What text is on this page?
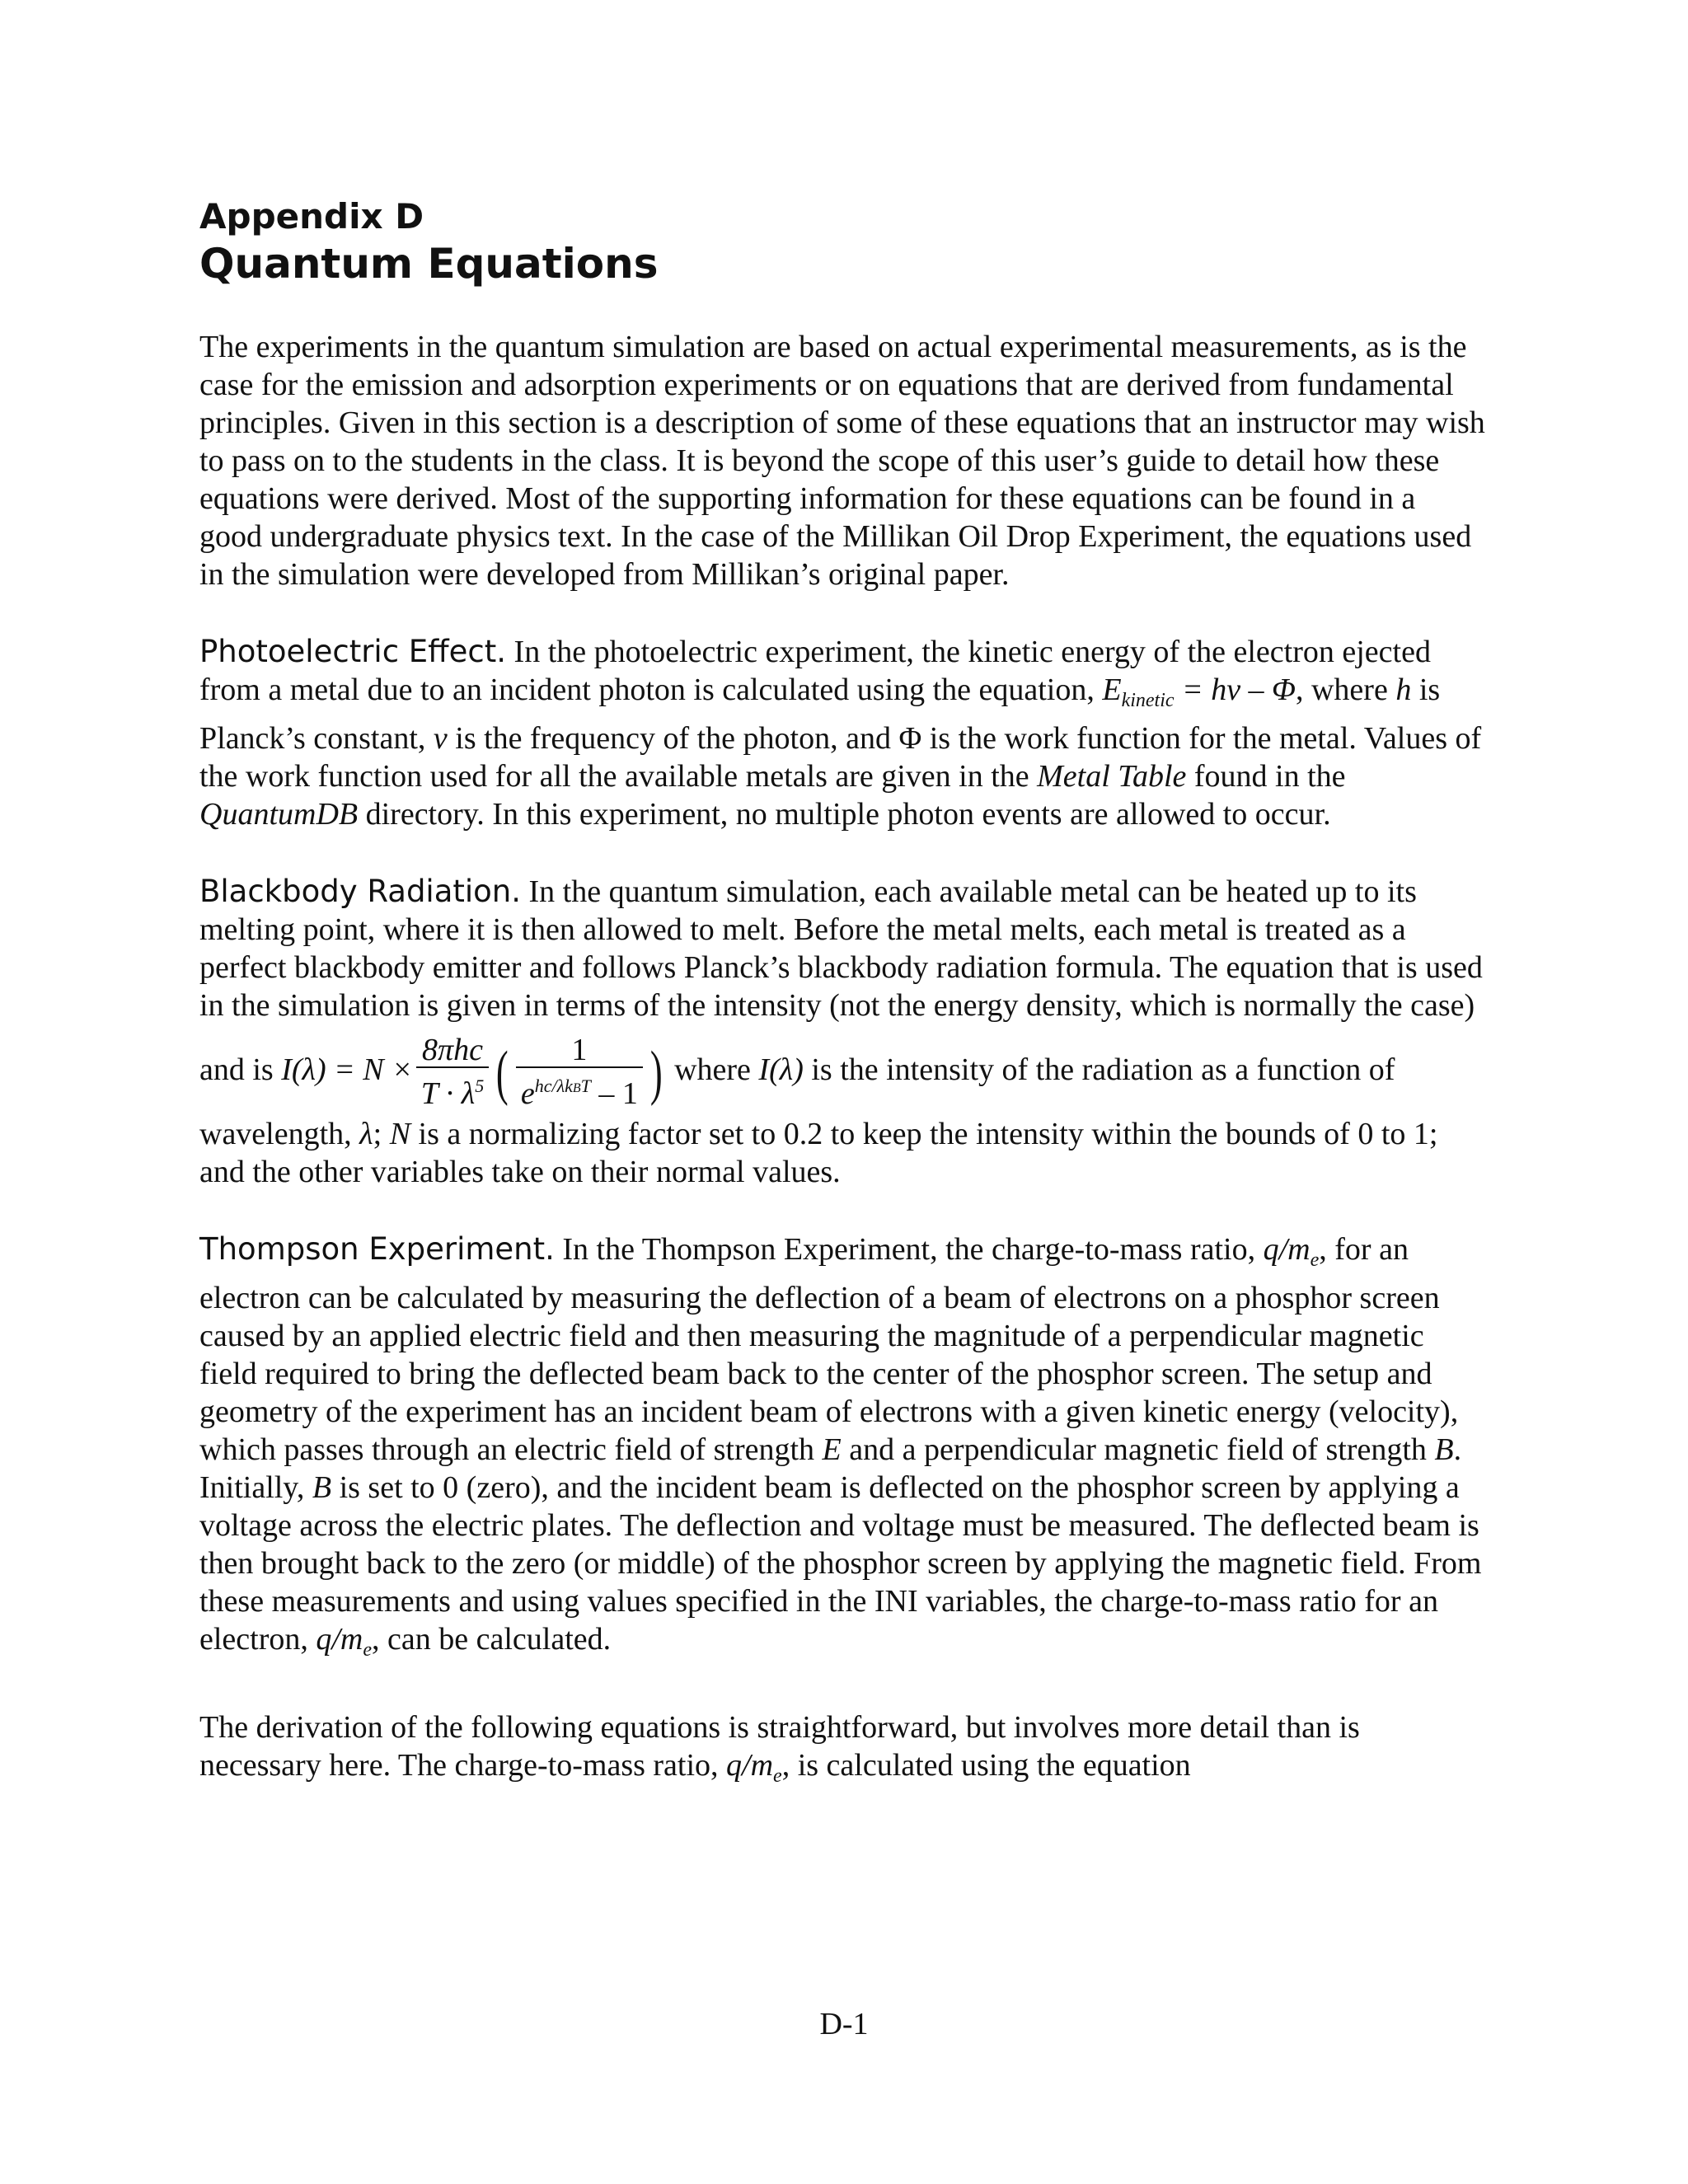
Appendix D
Quantum Equations

The experiments in the quantum simulation are based on actual experimental measurements, as is the case for the emission and adsorption experiments or on equations that are derived from fundamental principles. Given in this section is a description of some of these equations that an instructor may wish to pass on to the students in the class. It is beyond the scope of this user’s guide to detail how these equations were derived. Most of the supporting information for these equations can be found in a good undergraduate physics text. In the case of the Millikan Oil Drop Experiment, the equations used in the simulation were developed from Millikan’s original paper.

Photoelectric Effect. In the photoelectric experiment, the kinetic energy of the electron ejected from a metal due to an incident photon is calculated using the equation, $E_{kinetic} = h\nu - \Phi$, where h is Planck’s constant, ν is the frequency of the photon, and Φ is the work function for the metal. Values of the work function used for all the available metals are given in the Metal Table found in the QuantumDB directory. In this experiment, no multiple photon events are allowed to occur.

Blackbody Radiation. In the quantum simulation, each available metal can be heated up to its melting point, where it is then allowed to melt. Before the metal melts, each metal is treated as a perfect blackbody emitter and follows Planck’s blackbody radiation formula. The equation that is used in the simulation is given in terms of the intensity (not the energy density, which is normally the case) and is $I(\lambda) = N \times \frac{\text{8πhc}}{T \cdot \lambda^5}$ ( $\frac{1}{e^{hc/\lambda kBT} - 1}$ ) where I(λ) is the intensity of the radiation as a function of wavelength, λ; N is a normalizing factor set to 0.2 to keep the intensity within the bounds of 0 to 1; and the other variables take on their normal values.

Thompson Experiment. In the Thompson Experiment, the charge-to-mass ratio, $q/m_e$, for an electron can be calculated by measuring the deflection of a beam of electrons on a phosphor screen caused by an applied electric field and then measuring the magnitude of a perpendicular magnetic field required to bring the deflected beam back to the center of the phosphor screen. The setup and geometry of the experiment has an incident beam of electrons with a given kinetic energy (velocity), which passes through an electric field of strength E and a perpendicular magnetic field of strength B. Initially, B is set to 0 (zero), and the incident beam is deflected on the phosphor screen by applying a voltage across the electric plates. The deflection and voltage must be measured. The deflected beam is then brought back to the zero (or middle) of the phosphor screen by applying the magnetic field. From these measurements and using values specified in the INI variables, the charge-to-mass ratio for an electron, $q/m_e$, can be calculated.

The derivation of the following equations is straightforward, but involves more detail than is necessary here. The charge-to-mass ratio, $q/m_e$, is calculated using the equation

D-1
